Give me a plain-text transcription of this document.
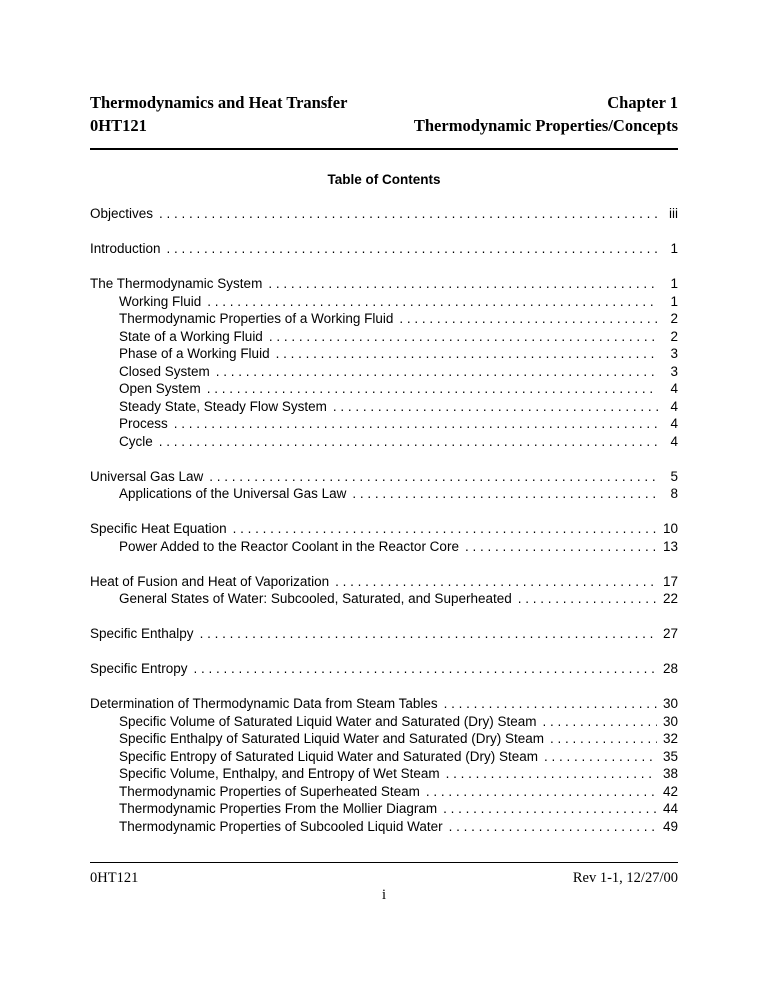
Thermodynamics and Heat Transfer	Chapter 1
0HT121	Thermodynamic Properties/Concepts
Table of Contents
Objectives . . .	iii
Introduction . . .	1
The Thermodynamic System . . .	1
Working Fluid . . .	1
Thermodynamic Properties of a Working Fluid . . .	2
State of a Working Fluid . . .	2
Phase of a Working Fluid . . .	3
Closed System . . .	3
Open System . . .	4
Steady State, Steady Flow System . . .	4
Process . . .	4
Cycle . . .	4
Universal Gas Law . . .	5
Applications of the Universal Gas Law . . .	8
Specific Heat Equation . . .	10
Power Added to the Reactor Coolant in the Reactor Core . . .	13
Heat of Fusion and Heat of Vaporization . . .	17
General States of Water: Subcooled, Saturated, and Superheated . . .	22
Specific Enthalpy . . .	27
Specific Entropy . . .	28
Determination of Thermodynamic Data from Steam Tables . . .	30
Specific Volume of Saturated Liquid Water and Saturated (Dry) Steam . . .	30
Specific Enthalpy of Saturated Liquid Water and Saturated (Dry) Steam . . .	32
Specific Entropy of Saturated Liquid Water and Saturated (Dry) Steam . . .	35
Specific Volume, Enthalpy, and Entropy of Wet Steam . . .	38
Thermodynamic Properties of Superheated Steam . . .	42
Thermodynamic Properties From the Mollier Diagram . . .	44
Thermodynamic Properties of Subcooled Liquid Water . . .	49
0HT121	Rev 1-1, 12/27/00
i
